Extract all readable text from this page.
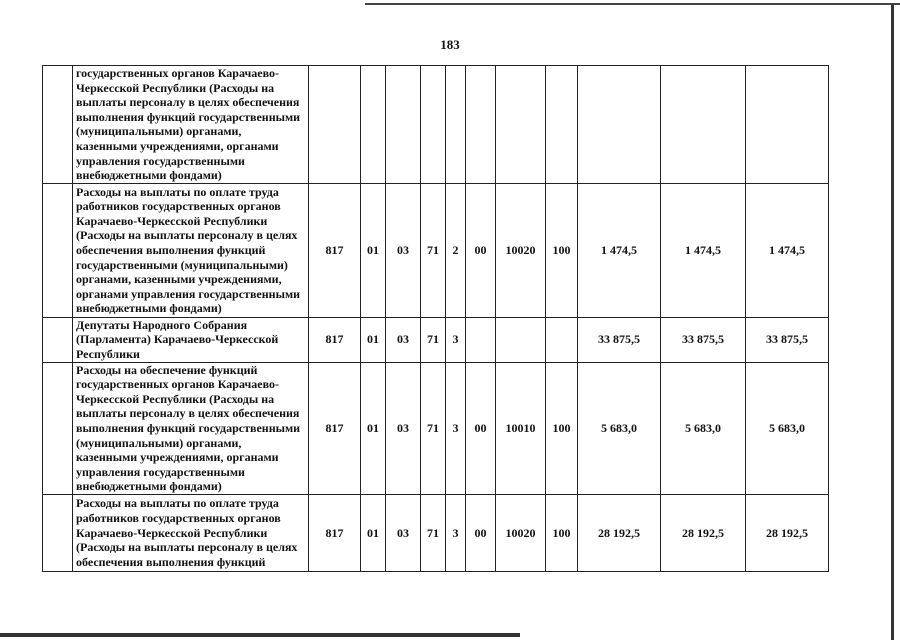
183
	государственных органов Карачаево-Черкесской Республики (Расходы на выплаты персоналу в целях обеспечения выполнения функций государственными (муниципальными) органами, казенными учреждениями, органами управления государственными внебюджетными фондами)											
	Расходы на выплаты по оплате труда работников государственных органов Карачаево-Черкесской Республики (Расходы на выплаты персоналу в целях обеспечения выполнения функций государственными (муниципальными) органами, казенными учреждениями, органами управления государственными внебюджетными фондами)	817	01	03	71	2	00	10020	100	1 474,5	1 474,5	1 474,5
	Депутаты Народного Собрания (Парламента) Карачаево-Черкесской Республики	817	01	03	71	3				33 875,5	33 875,5	33 875,5
	Расходы на обеспечение функций государственных органов Карачаево-Черкесской Республики (Расходы на выплаты персоналу в целях обеспечения выполнения функций государственными (муниципальными) органами, казенными учреждениями, органами управления государственными внебюджетными фондами)	817	01	03	71	3	00	10010	100	5 683,0	5 683,0	5 683,0
	Расходы на выплаты по оплате труда работников государственных органов Карачаево-Черкесской Республики (Расходы на выплаты персоналу в целях обеспечения выполнения функций	817	01	03	71	3	00	10020	100	28 192,5	28 192,5	28 192,5
